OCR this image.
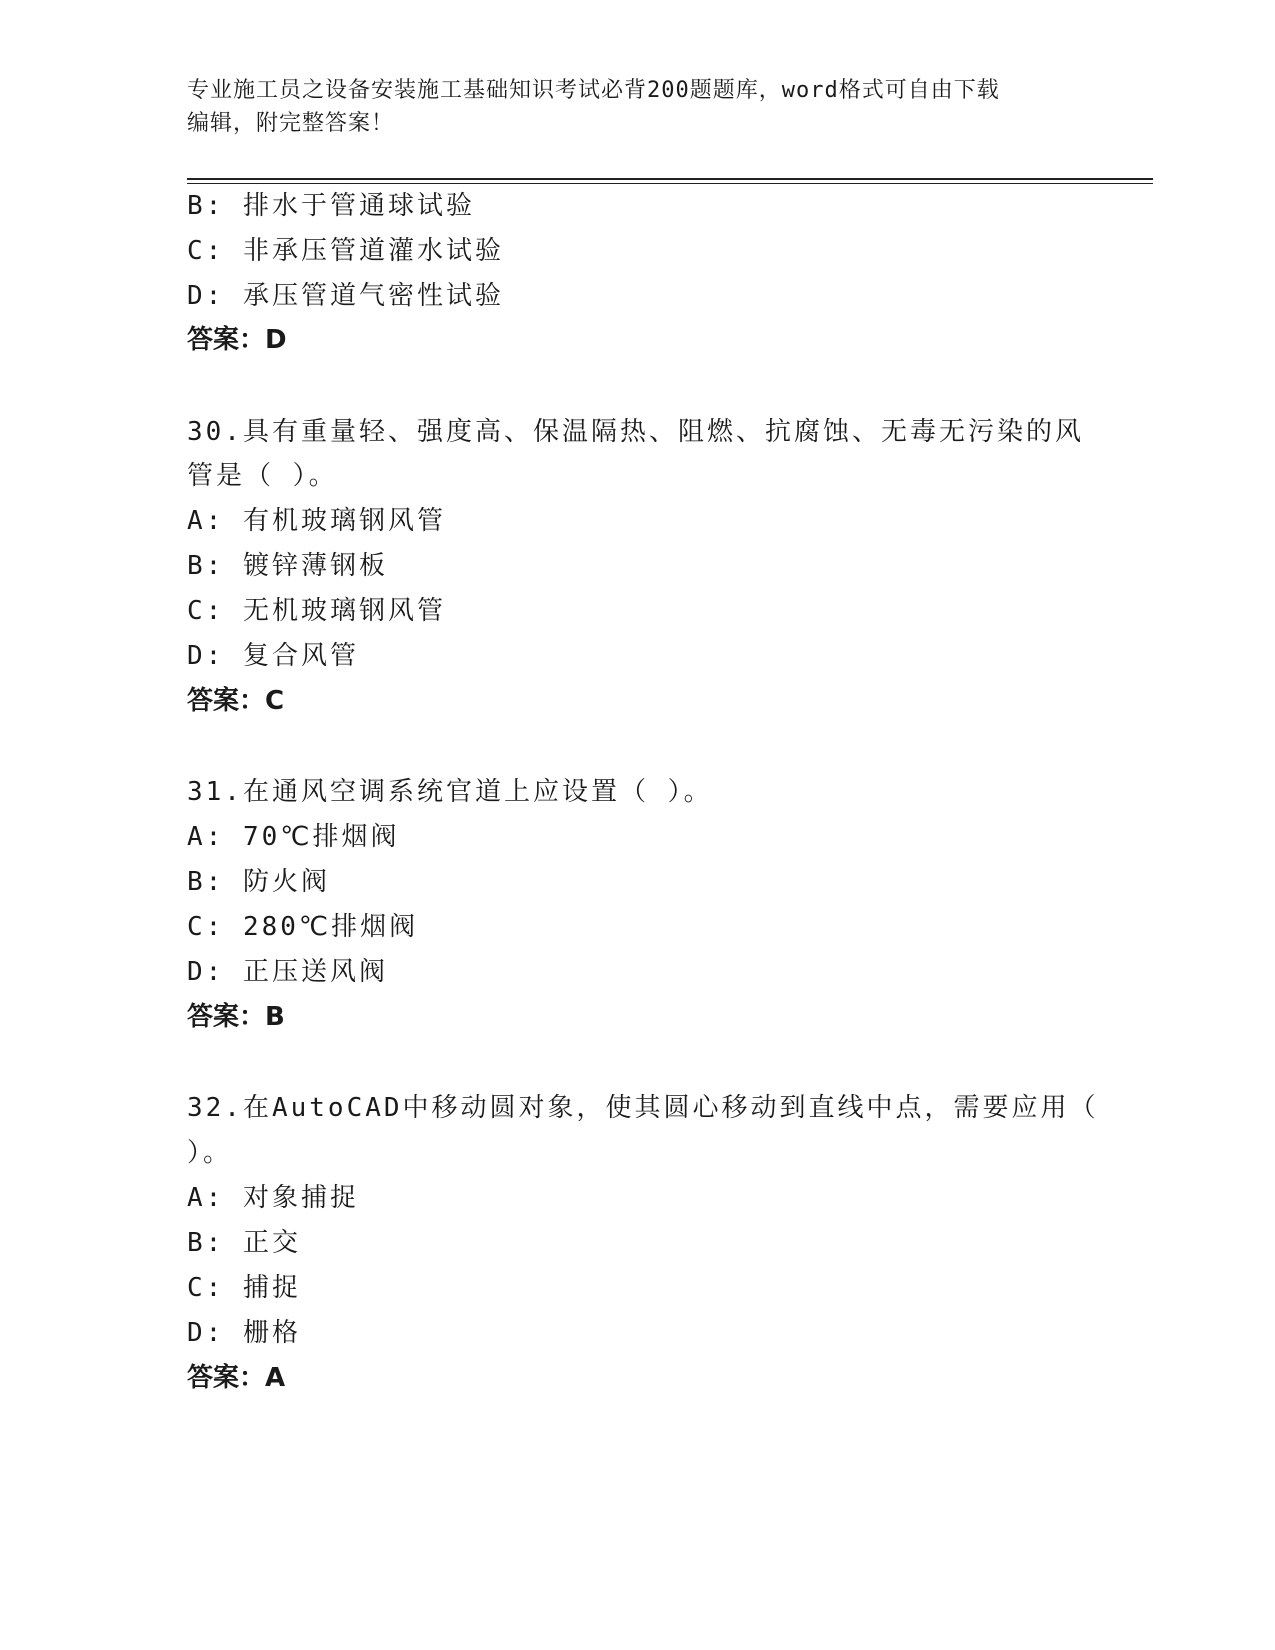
专业施工员之设备安装施工基础知识考试必背200题题库，word格式可自由下载
编辑，附完整答案！
B: 排水于管通球试验
C: 非承压管道灌水试验
D: 承压管道气密性试验
答案：D
30.具有重量轻、强度高、保温隔热、阻燃、抗腐蚀、无毒无污染的风
管是（ ）。
A: 有机玻璃钢风管
B: 镀锌薄钢板
C: 无机玻璃钢风管
D: 复合风管
答案：C
31.在通风空调系统官道上应设置（ ）。
A: 70℃排烟阀
B: 防火阀
C: 280℃排烟阀
D: 正压送风阀
答案：B
32.在AutoCAD中移动圆对象，使其圆心移动到直线中点，需要应用（
）。
A: 对象捕捉
B: 正交
C: 捕捉
D: 栅格
答案：A
